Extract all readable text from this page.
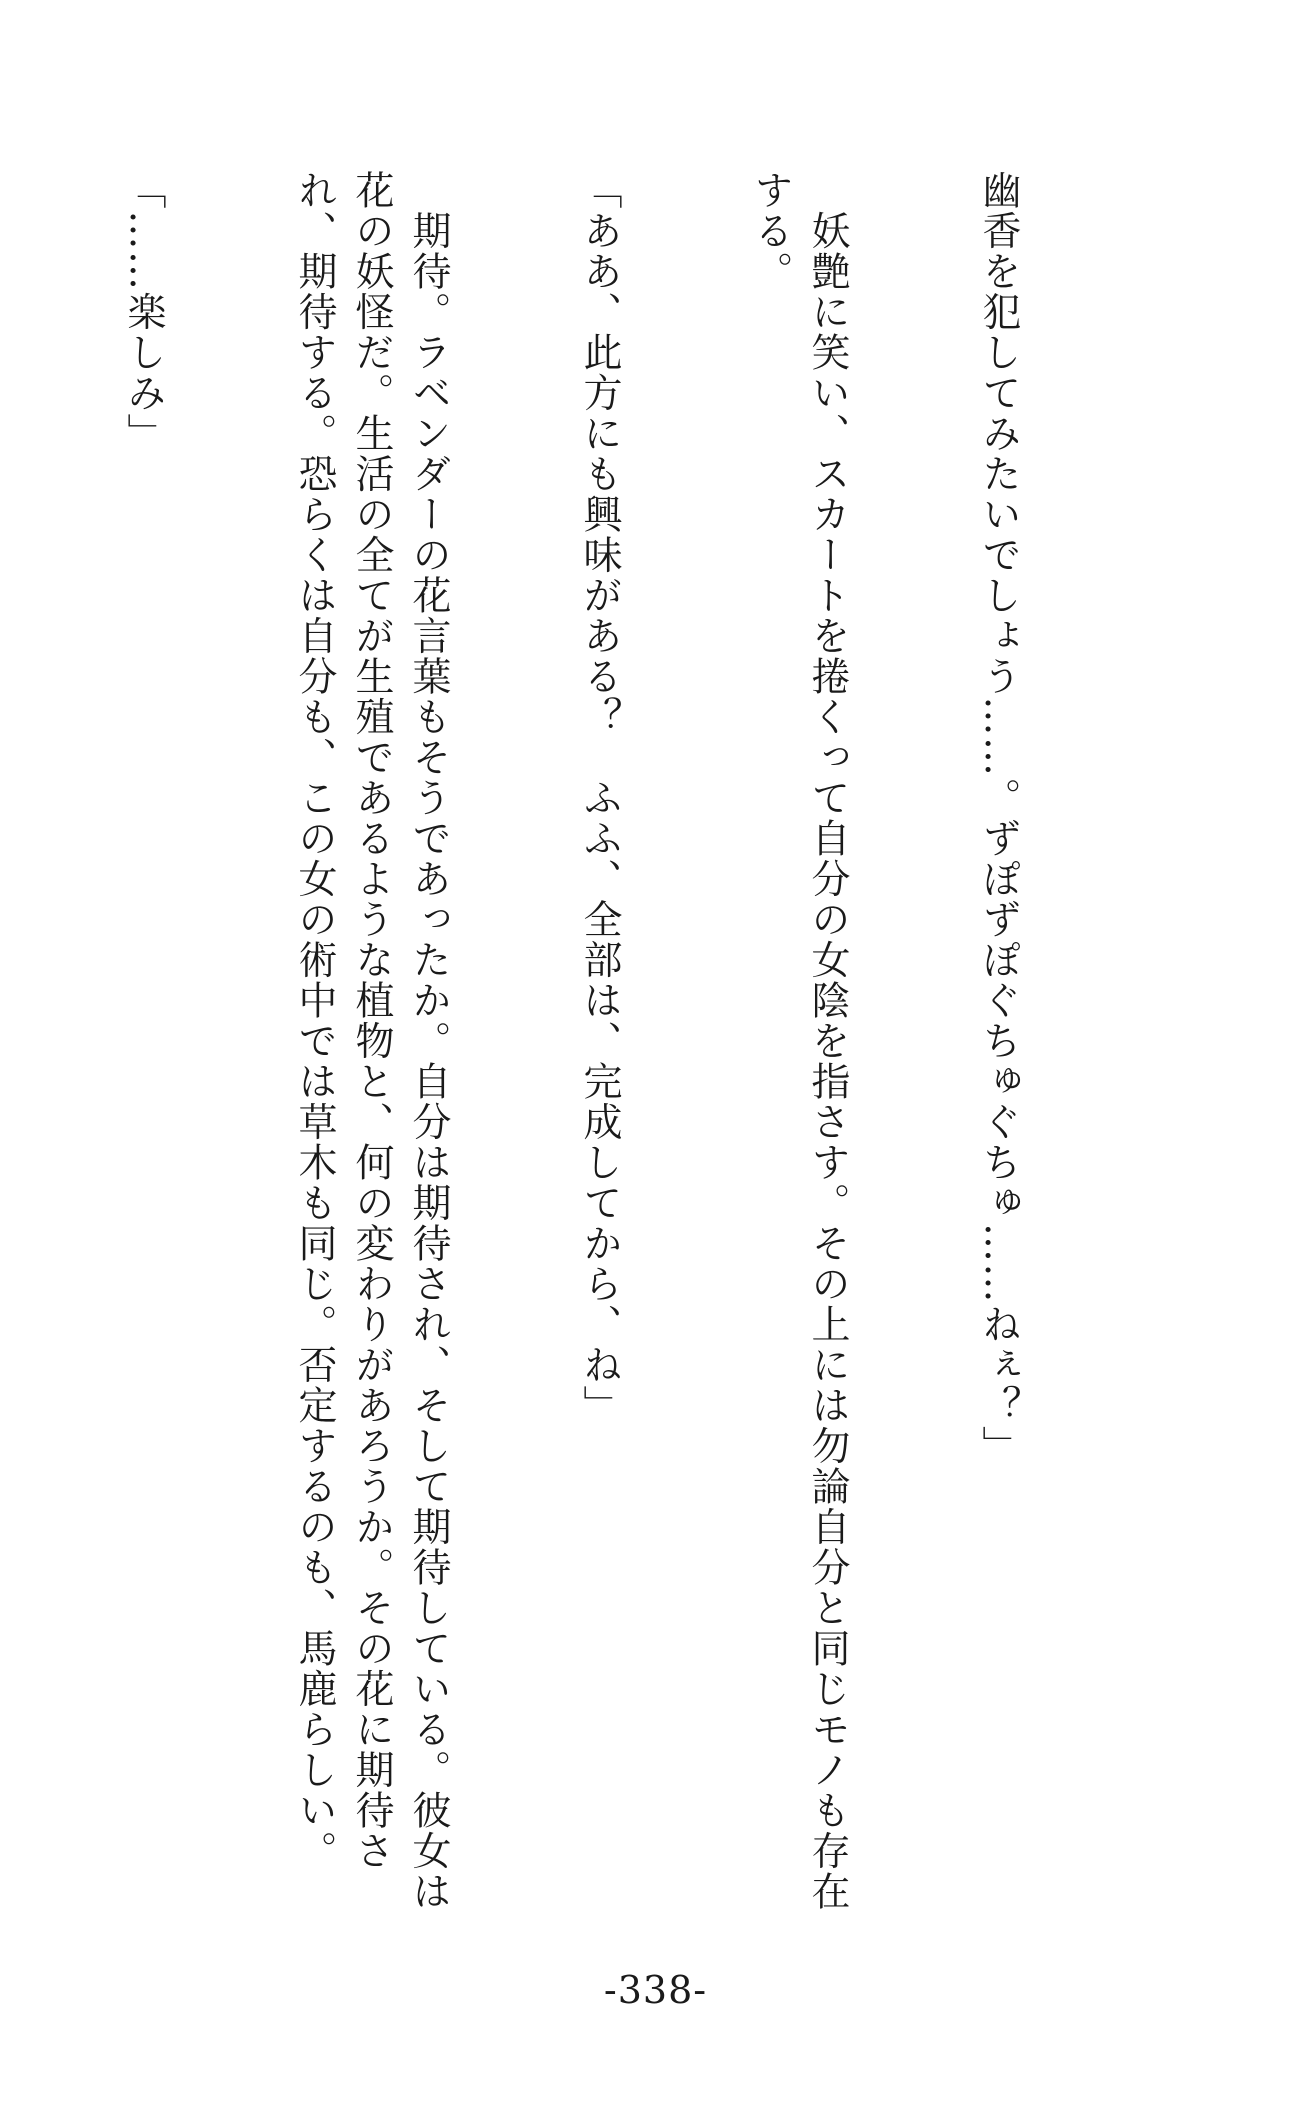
幽香を犯してみたいでしょう……。ずぽずぽぐちゅぐちゅ……ねぇ？」

　妖艶に笑い、スカートを捲くって自分の女陰を指さす。その上には勿論自分と同じモノも存在する。

「ああ、此方にも興味がある？　ふふ、全部は、完成してから、ね」

　期待。ラベンダーの花言葉もそうであったか。自分は期待され、そして期待している。彼女は花の妖怪だ。生活の全てが生殖であるような植物と、何の変わりがあろうか。その花に期待され、期待する。恐らくは自分も、この女の術中では草木も同じ。否定するのも、馬鹿らしい。

「……楽しみ」

-338-
